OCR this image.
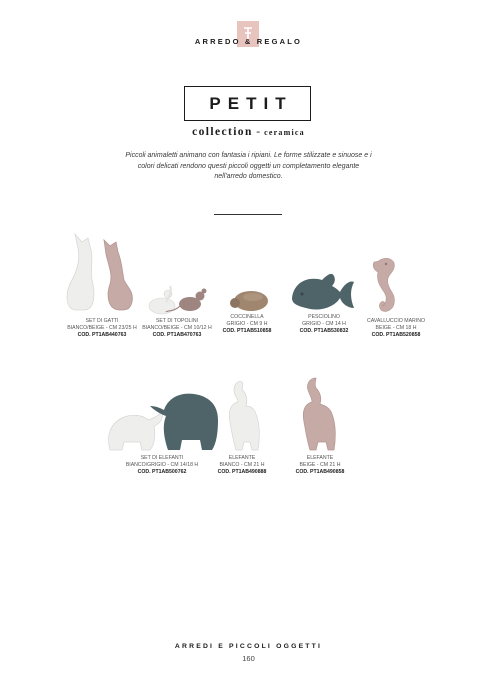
ARREDO & REGALO
PETIT
collection - ceramica
Piccoli animaletti animano con fantasia i ripiani. Le forme stilizzate e sinuose e i colori delicati rendono questi piccoli oggetti un completamento elegante nell'arredo domestico.
SET DI GATTI
BIANCO/BEIGE - CM 23/25 H
COD. PT1AB440763
SET DI TOPOLINI
BIANCO/BEIGE - CM 10/12 H
COD. PT1AB470763
COCCINELLA
GRIGIO - CM 9 H
COD. PT1AB510858
PESCIOLINO
GRIGIO - CM 14 H
COD. PT1AB530832
CAVALLUCCIO MARINO
BEIGE - CM 18 H
COD. PT1AB520858
SET DI ELEFANTI
BIANCO/GRIGIO - CM 14/18 H
COD. PT1AB500762
ELEFANTE
BIANCO - CM 21 H
COD. PT1AB490888
ELEFANTE
BEIGE - CM 21 H
COD. PT1AB490858
ARREDI E PICCOLI OGGETTI
160
